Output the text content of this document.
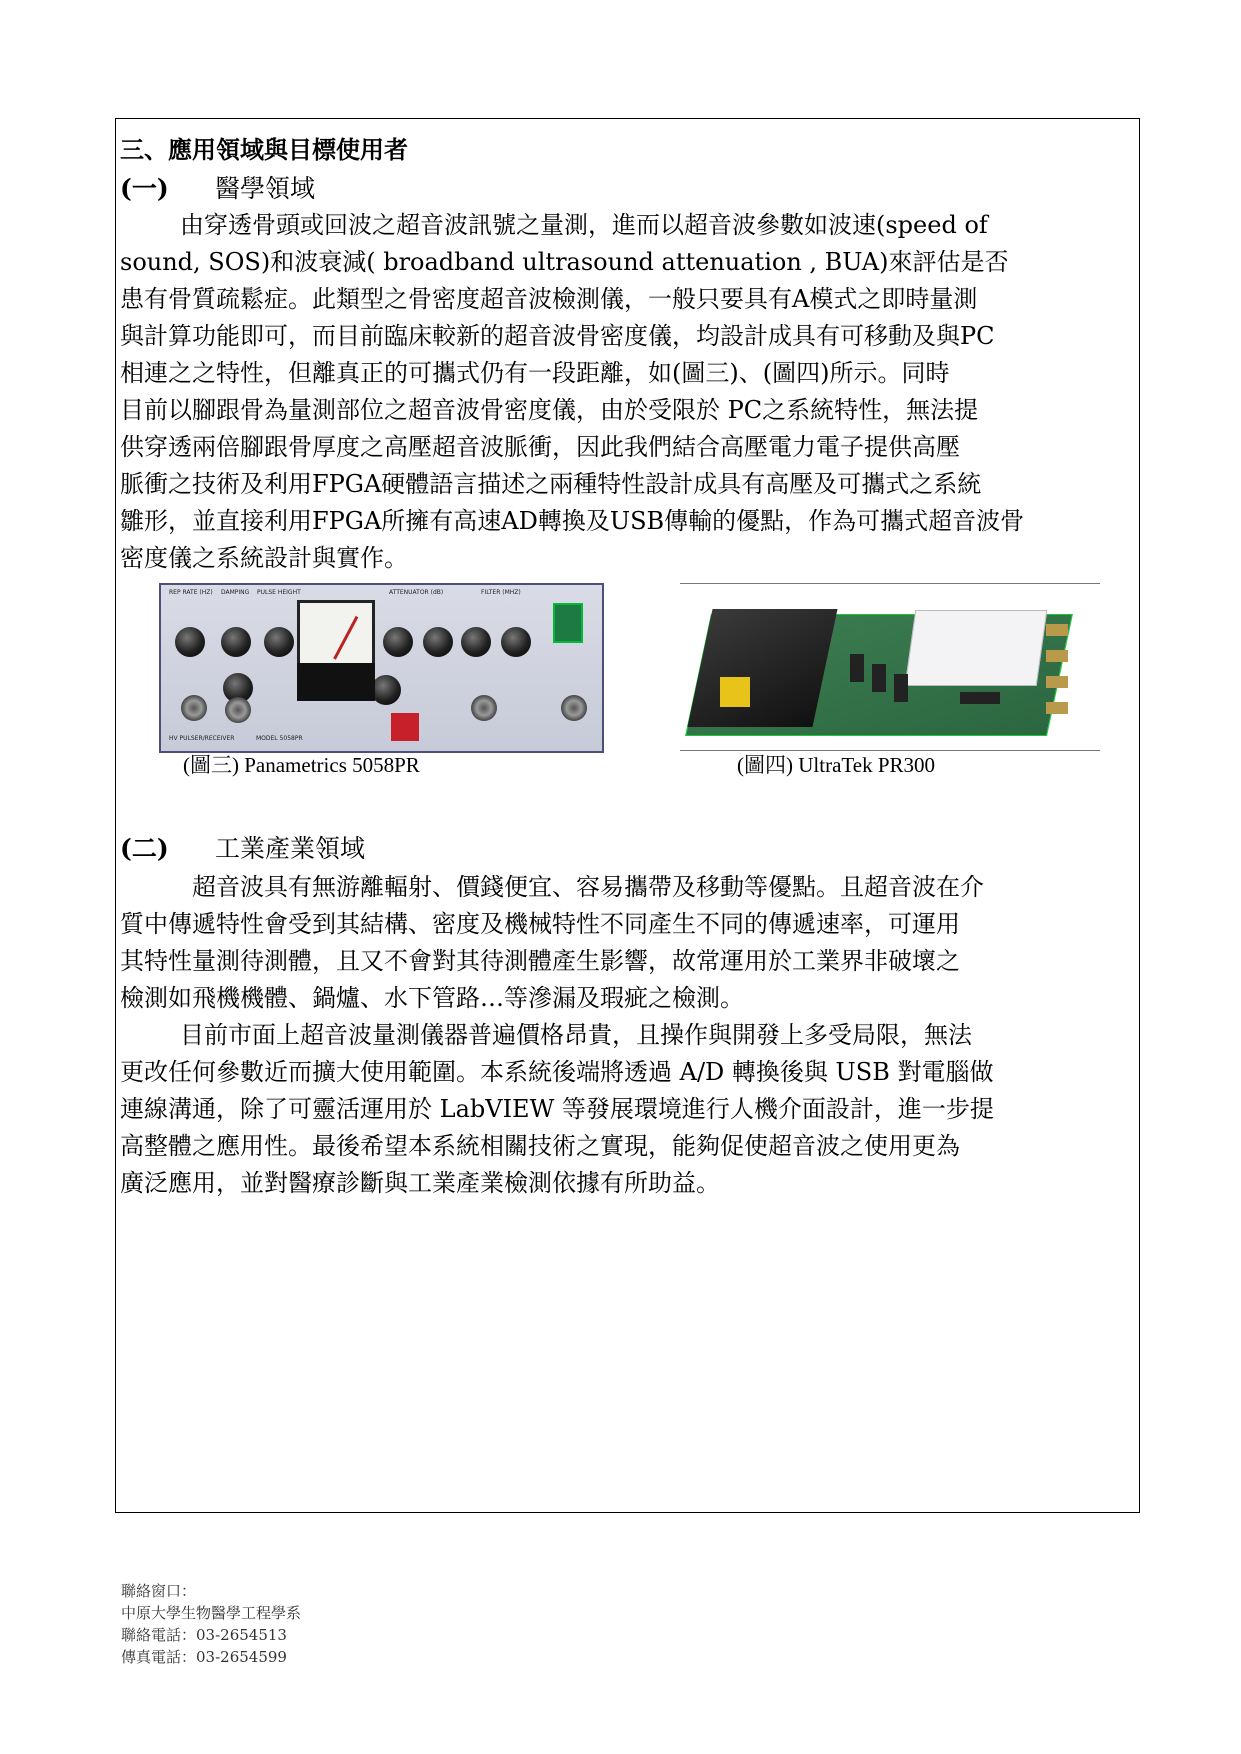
三、應用領域與目標使用者
(一) 醫學領域

由穿透骨頭或回波之超音波訊號之量測，進而以超音波參數如波速(speed of
sound, SOS)和波衰減( broadband ultrasound attenuation , BUA)來評估是否
患有骨質疏鬆症。此類型之骨密度超音波檢測儀，一般只要具有A模式之即時量測
與計算功能即可，而目前臨床較新的超音波骨密度儀，均設計成具有可移動及與PC
相連之之特性，但離真正的可攜式仍有一段距離，如(圖三)、(圖四)所示。同時
目前以腳跟骨為量測部位之超音波骨密度儀，由於受限於 PC之系統特性，無法提
供穿透兩倍腳跟骨厚度之高壓超音波脈衝，因此我們結合高壓電力電子提供高壓
脈衝之技術及利用FPGA硬體語言描述之兩種特性設計成具有高壓及可攜式之系統
雛形，並直接利用FPGA所擁有高速AD轉換及USB傳輸的優點，作為可攜式超音波骨
密度儀之系統設計與實作。

REP RATE (HZ) DAMPING PULSE HEIGHT	ATTENUATOR (dB)	FILTER (MHZ)
HV PULSER/RECEIVER	MODEL 5058PR
(圖三) Panametrics 5058PR	(圖四) UltraTek PR300
(二) 工業產業領域

超音波具有無游離輻射、價錢便宜、容易攜帶及移動等優點。且超音波在介
質中傳遞特性會受到其結構、密度及機械特性不同產生不同的傳遞速率，可運用
其特性量測待測體，且又不會對其待測體產生影響，故常運用於工業界非破壞之
檢測如飛機機體、鍋爐、水下管路…等滲漏及瑕疵之檢測。

目前市面上超音波量測儀器普遍價格昂貴，且操作與開發上多受局限，無法
更改任何參數近而擴大使用範圍。本系統後端將透過 A/D 轉換後與 USB 對電腦做
連線溝通，除了可靈活運用於 LabVIEW 等發展環境進行人機介面設計，進一步提
高整體之應用性。最後希望本系統相關技術之實現，能夠促使超音波之使用更為
廣泛應用，並對醫療診斷與工業產業檢測依據有所助益。

聯絡窗口：
中原大學生物醫學工程學系
聯絡電話：03-2654513
傳真電話：03-2654599
